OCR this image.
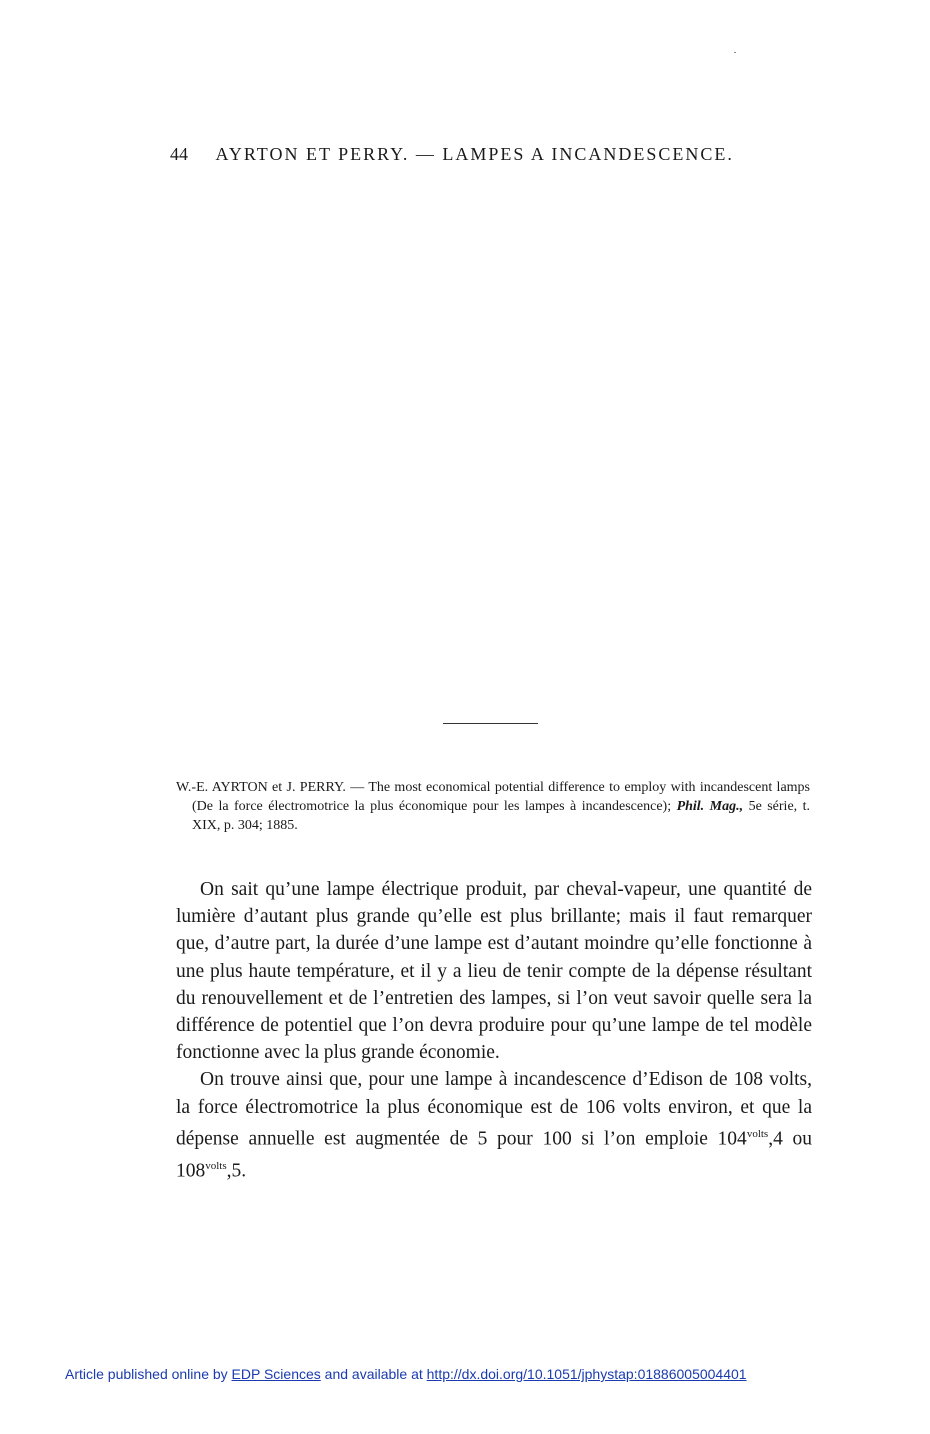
44 AYRTON ET PERRY. — LAMPES A INCANDESCENCE.
W.-E. AYRTON et J. PERRY. — The most economical potential difference to employ with incandescent lamps (De la force électromotrice la plus économique pour les lampes à incandescence); Phil. Mag., 5e série, t. XIX, p. 304; 1885.

On sait qu’une lampe électrique produit, par cheval-vapeur, une quantité de lumière d’autant plus grande qu’elle est plus brillante; mais il faut remarquer que, d’autre part, la durée d’une lampe est d’autant moindre qu’elle fonctionne à une plus haute température, et il y a lieu de tenir compte de la dépense résultant du renouvellement et de l’entretien des lampes, si l’on veut savoir quelle sera la différence de potentiel que l’on devra produire pour qu’une lampe de tel modèle fonctionne avec la plus grande économie.

On trouve ainsi que, pour une lampe à incandescence d’Edison de 108 volts, la force électromotrice la plus économique est de 106 volts environ, et que la dépense annuelle est augmentée de 5 pour 100 si l’on emploie $104^{volts},4$ ou $108^{volts},5$.

Article published online by EDP Sciences and available at http://dx.doi.org/10.1051/jphystap:01886005004401
